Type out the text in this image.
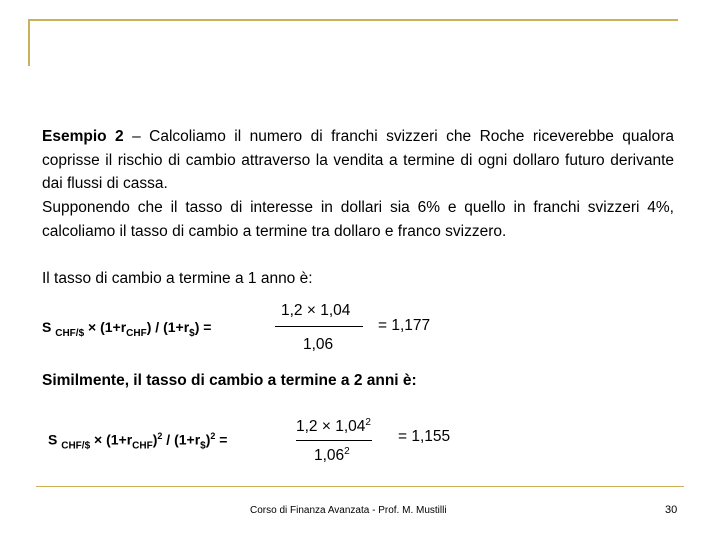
Esempio 2 – Calcoliamo il numero di franchi svizzeri che Roche riceverebbe qualora coprisse il rischio di cambio attraverso la vendita a termine di ogni dollaro futuro derivante dai flussi di cassa.
Supponendo che il tasso di interesse in dollari sia 6% e quello in franchi svizzeri 4%, calcoliamo il tasso di cambio a termine tra dollaro e franco svizzero.
Il tasso di cambio a termine a 1 anno è:
S $_{CHF/\$} \times (1+r_{CHF}) / (1+r_{\$})$ =
1,2 × 1,04
1,06
= 1,177
Similmente, il tasso di cambio a termine a 2 anni è:
S $_{CHF/\$} \times (1+r_{CHF})^2 / (1+r_{\$})^2$ =
$1,2 \times 1,04^2$
$1,06^2$
= 1,155
Corso di Finanza Avanzata - Prof. M. Mustilli	30
